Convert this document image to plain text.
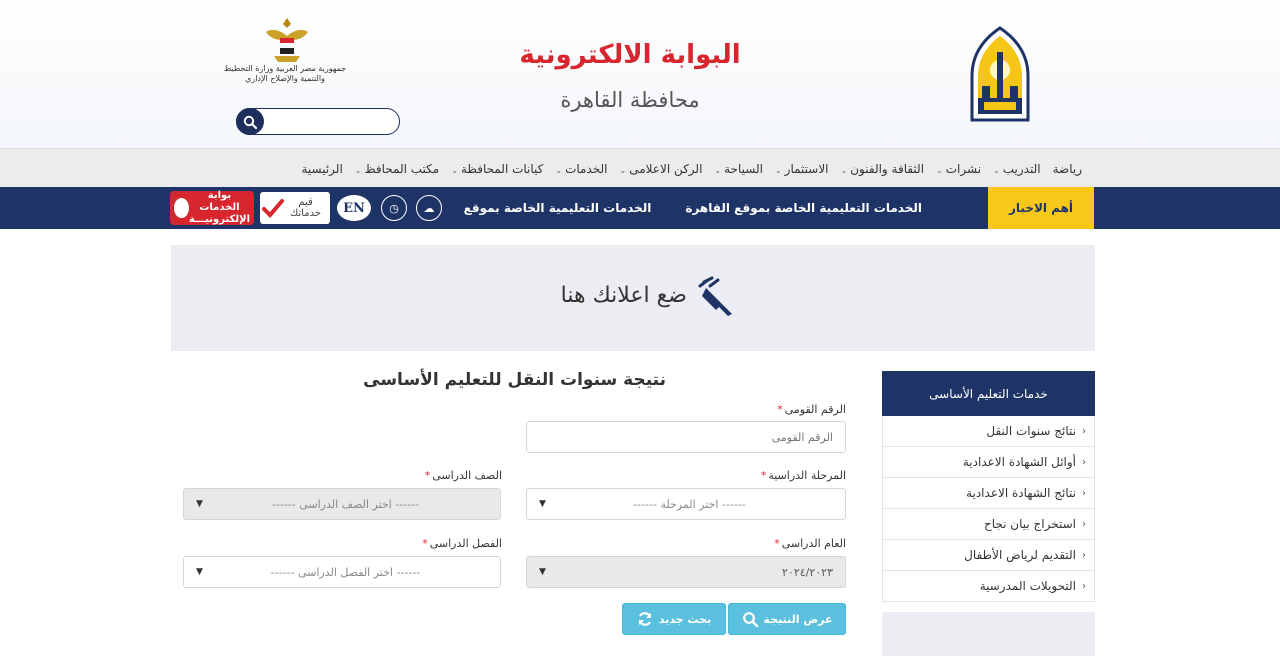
البوابة الالكترونية
محافظة القاهرة
جمهورية مصر العربية وزارة التخطيط والتنمية والإصلاح الإداري
الرئيسية	مكتب المحافظ⌄	كيانات المحافظة⌄	الخدمات⌄	الركن الاعلامى⌄	السياحة⌄	الاستثمار⌄	الثقافة والفنون⌄	نشرات⌄	التدريب⌄	رياضة
أهم الاخبار
الخدمات التعليمية الخاصة بموقع القاهرة
الخدمات التعليمية الخاصة بموقع
☁
◷
EN
قيم
خدماتك
بوابة الخدمات
الإلكترونيـــة
ضع اعلانك هنا
خدمات التعليم الأساسى
‹
نتائج سنوات النقل
‹
أوائل الشهادة الاعدادية
‹
نتائج الشهادة الاعدادية
‹
استخراج بيان نجاح
‹
التقديم لرياض الأطفال
‹
التحويلات المدرسية
نتيجة سنوات النقل للتعليم الأساسى
الرقم القومى*
الرقم القومى
المرحلة الدراسية*
------ اختر المرحلة ------
▼
الصف الدراسى*
------ اختر الصف الدراسى ------
▼
العام الدراسى*
٢٠٢٤/٢٠٢٣
▼
الفصل الدراسى*
------ اختر الفصل الدراسى ------
▼
عرض النتيجة
بحث جديد
